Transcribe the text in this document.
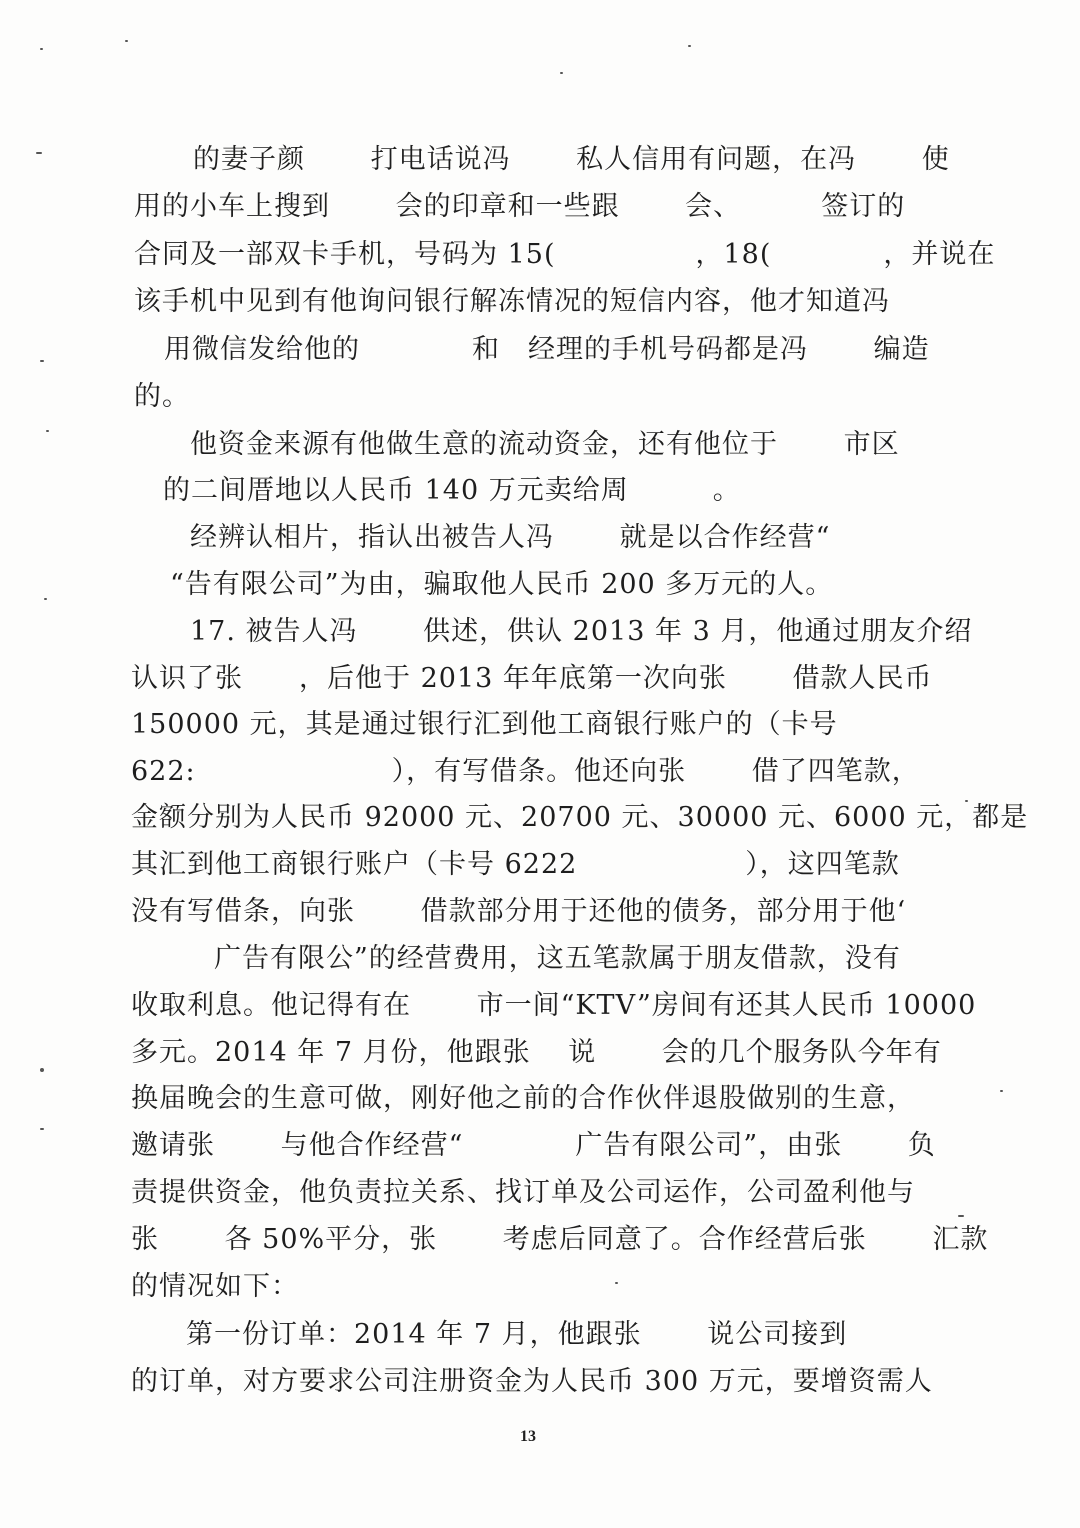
的妻子颜　　 打电话说冯　　 私人信用有问题，在冯　　 使
用的小车上搜到　　 会的印章和一些跟　　 会、　　　 签订的
合同及一部双卡手机，号码为 15(　　　　　，18(　　　　，并说在
该手机中见到有他询问银行解冻情况的短信内容，他才知道冯
用微信发给他的　　　　和　经理的手机号码都是冯　　 编造
的。
他资金来源有他做生意的流动资金，还有他位于　　 市区
的二间厝地以人民币 140 万元卖给周　　　。
经辨认相片，指认出被告人冯　　 就是以合作经营“
“告有限公司”为由，骗取他人民币 200 多万元的人。
17. 被告人冯　　 供述，供认 2013 年 3 月，他通过朋友介绍
认识了张　　，后他于 2013 年年底第一次向张　　 借款人民币
150000 元，其是通过银行汇到他工商银行账户的（卡号
622:　　　　　　　），有写借条。他还向张　　 借了四笔款，
金额分别为人民币 92000 元、20700 元、30000 元、6000 元，都是
其汇到他工商银行账户（卡号 6222　　　　　　），这四笔款
没有写借条，向张　　 借款部分用于还他的债务，部分用于他‘
广告有限公”的经营费用，这五笔款属于朋友借款，没有
收取利息。他记得有在　　 市一间“KTV”房间有还其人民币 10000
多元。2014 年 7 月份，他跟张　 说　　 会的几个服务队今年有
换届晚会的生意可做，刚好他之前的合作伙伴退股做别的生意，
邀请张　　 与他合作经营“　　　　广告有限公司”，由张　　 负
责提供资金，他负责拉关系、找订单及公司运作，公司盈利他与
张　　 各 50%平分，张　　 考虑后同意了。合作经营后张　　 汇款
的情况如下：
第一份订单：2014 年 7 月，他跟张　　 说公司接到
的订单，对方要求公司注册资金为人民币 300 万元，要增资需人
13
